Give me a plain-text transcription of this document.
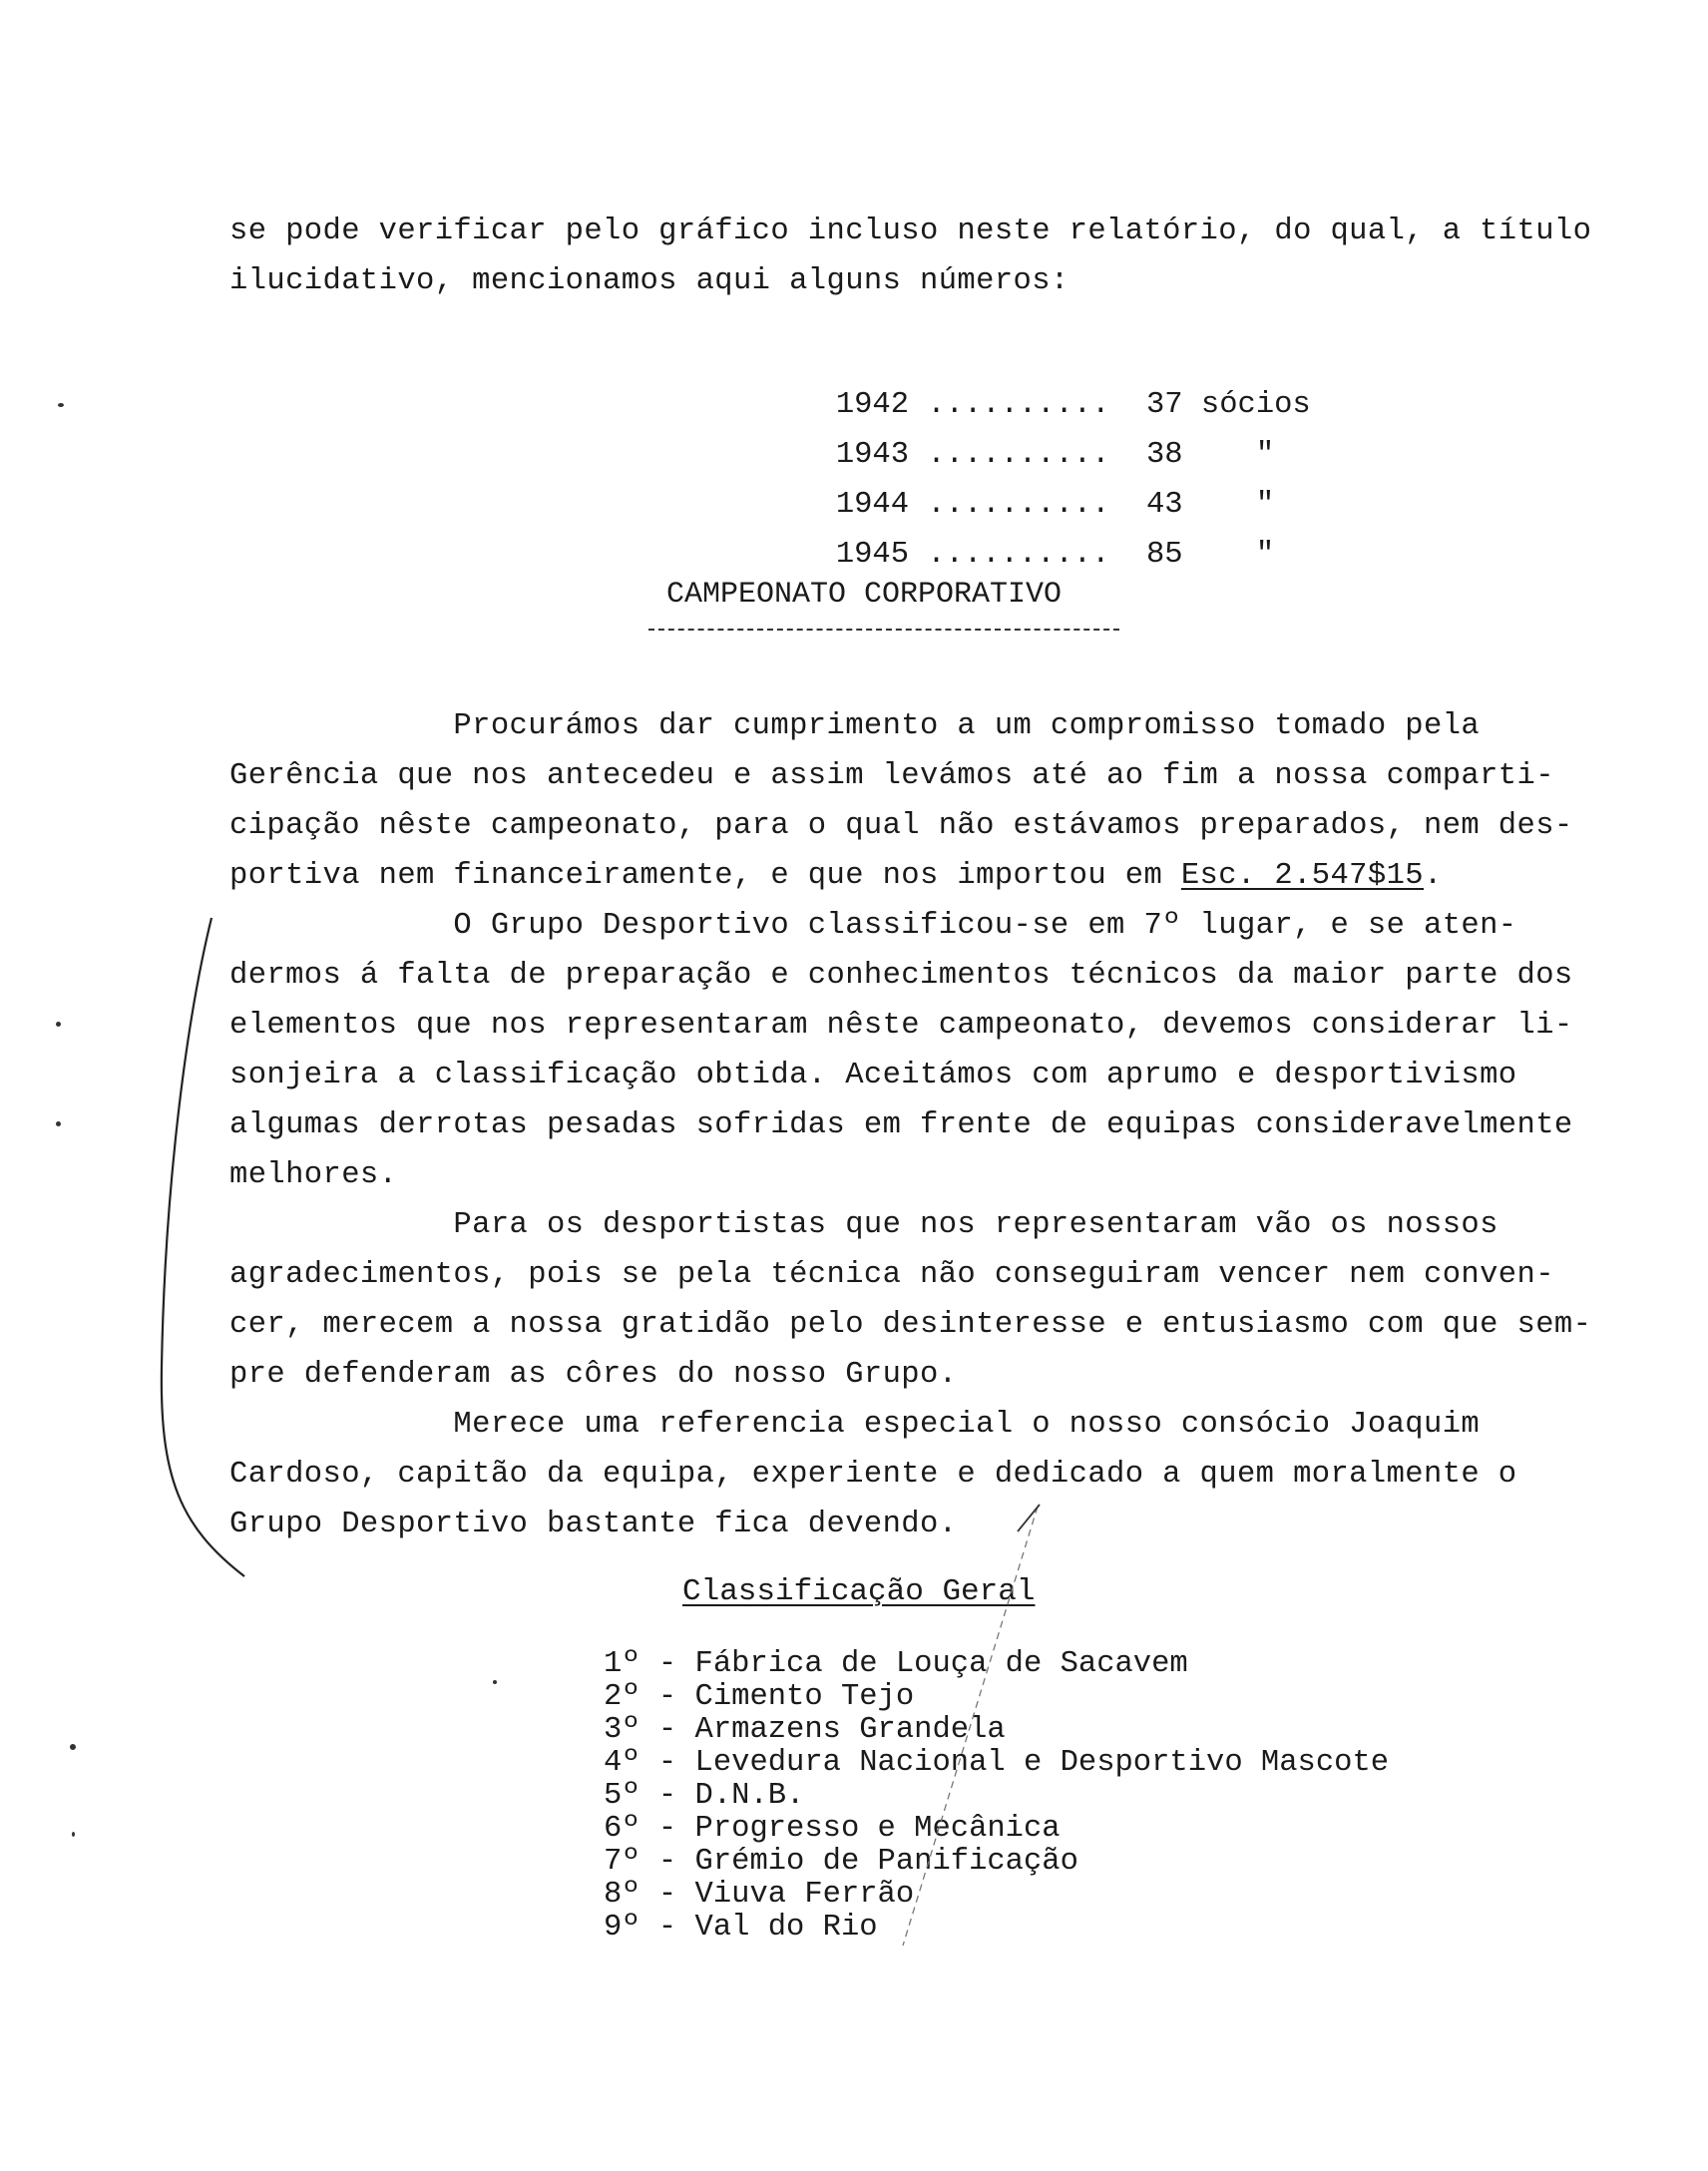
se pode verificar pelo gráfico incluso neste relatório, do qual, a título
ilucidativo, mencionamos aqui alguns números:

1942 .......... 37 sócios

1943 .......... 38 "

1944 .......... 43 "

1945 .......... 85 "

CAMPEONATO CORPORATIVO
Procurámos dar cumprimento a um compromisso tomado pela
Gerência que nos antecedeu e assim levámos até ao fim a nossa comparti-
cipação nêste campeonato, para o qual não estávamos preparados, nem des-
portiva nem financeiramente, e que nos importou em Esc. 2.547$15.
O Grupo Desportivo classificou-se em 7º lugar, e se aten-
dermos á falta de preparação e conhecimentos técnicos da maior parte dos
elementos que nos representaram nêste campeonato, devemos considerar li-
sonjeira a classificação obtida. Aceitámos com aprumo e desportivismo
algumas derrotas pesadas sofridas em frente de equipas consideravelmente
melhores.
Para os desportistas que nos representaram vão os nossos
agradecimentos, pois se pela técnica não conseguiram vencer nem conven-
cer, merecem a nossa gratidão pelo desinteresse e entusiasmo com que sem-
pre defenderam as côres do nosso Grupo.
Merece uma referencia especial o nosso consócio Joaquim
Cardoso, capitão da equipa, experiente e dedicado a quem moralmente o
Grupo Desportivo bastante fica devendo.
Classificação Geral
1º - Fábrica de Louça de Sacavem
2º - Cimento Tejo
3º - Armazens Grandela
4º - Levedura Nacional e Desportivo Mascote
5º - D.N.B.
6º - Progresso e Mecânica
7º - Grémio de Panificação
8º - Viuva Ferrão
9º - Val do Rio
